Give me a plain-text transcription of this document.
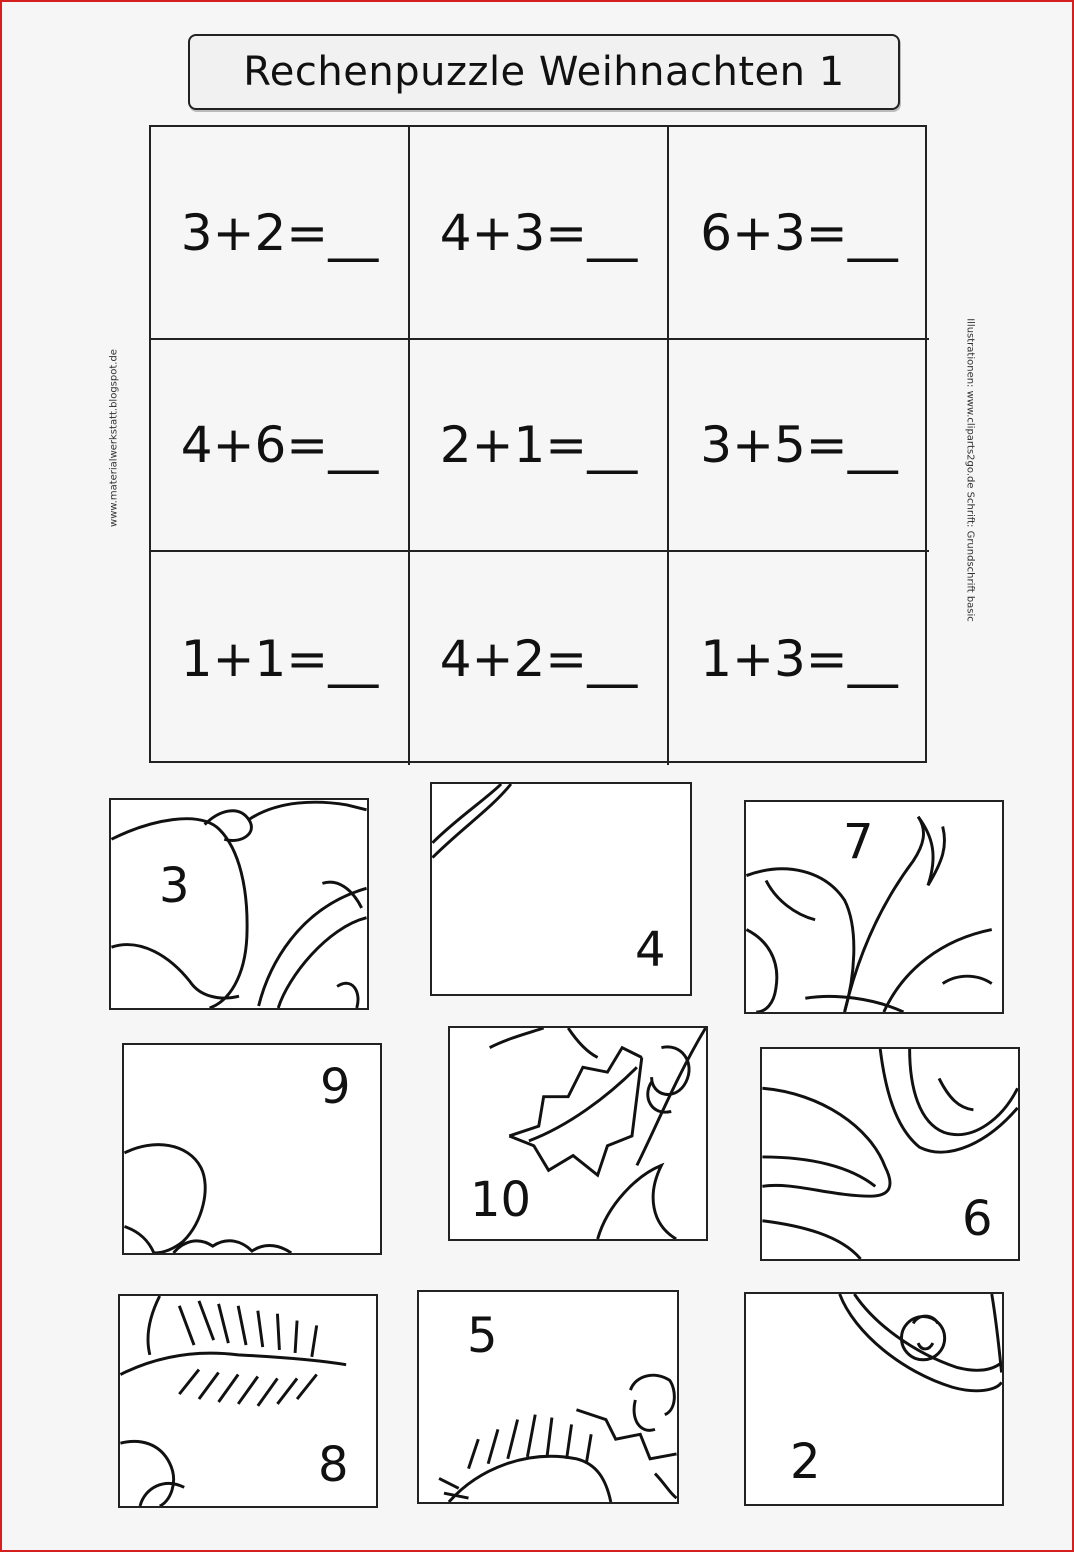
Rechenpuzzle Weihnachten 1
www.materialwerkstatt.blogspot.de	Illustrationen: www.cliparts2go.de Schrift: Grundschrift basic
3+2=__	4+3=__	6+3=__
4+6=__	2+1=__	3+5=__
1+1=__	4+2=__	1+3=__
3
4
7
9
10	6
8
5
2
